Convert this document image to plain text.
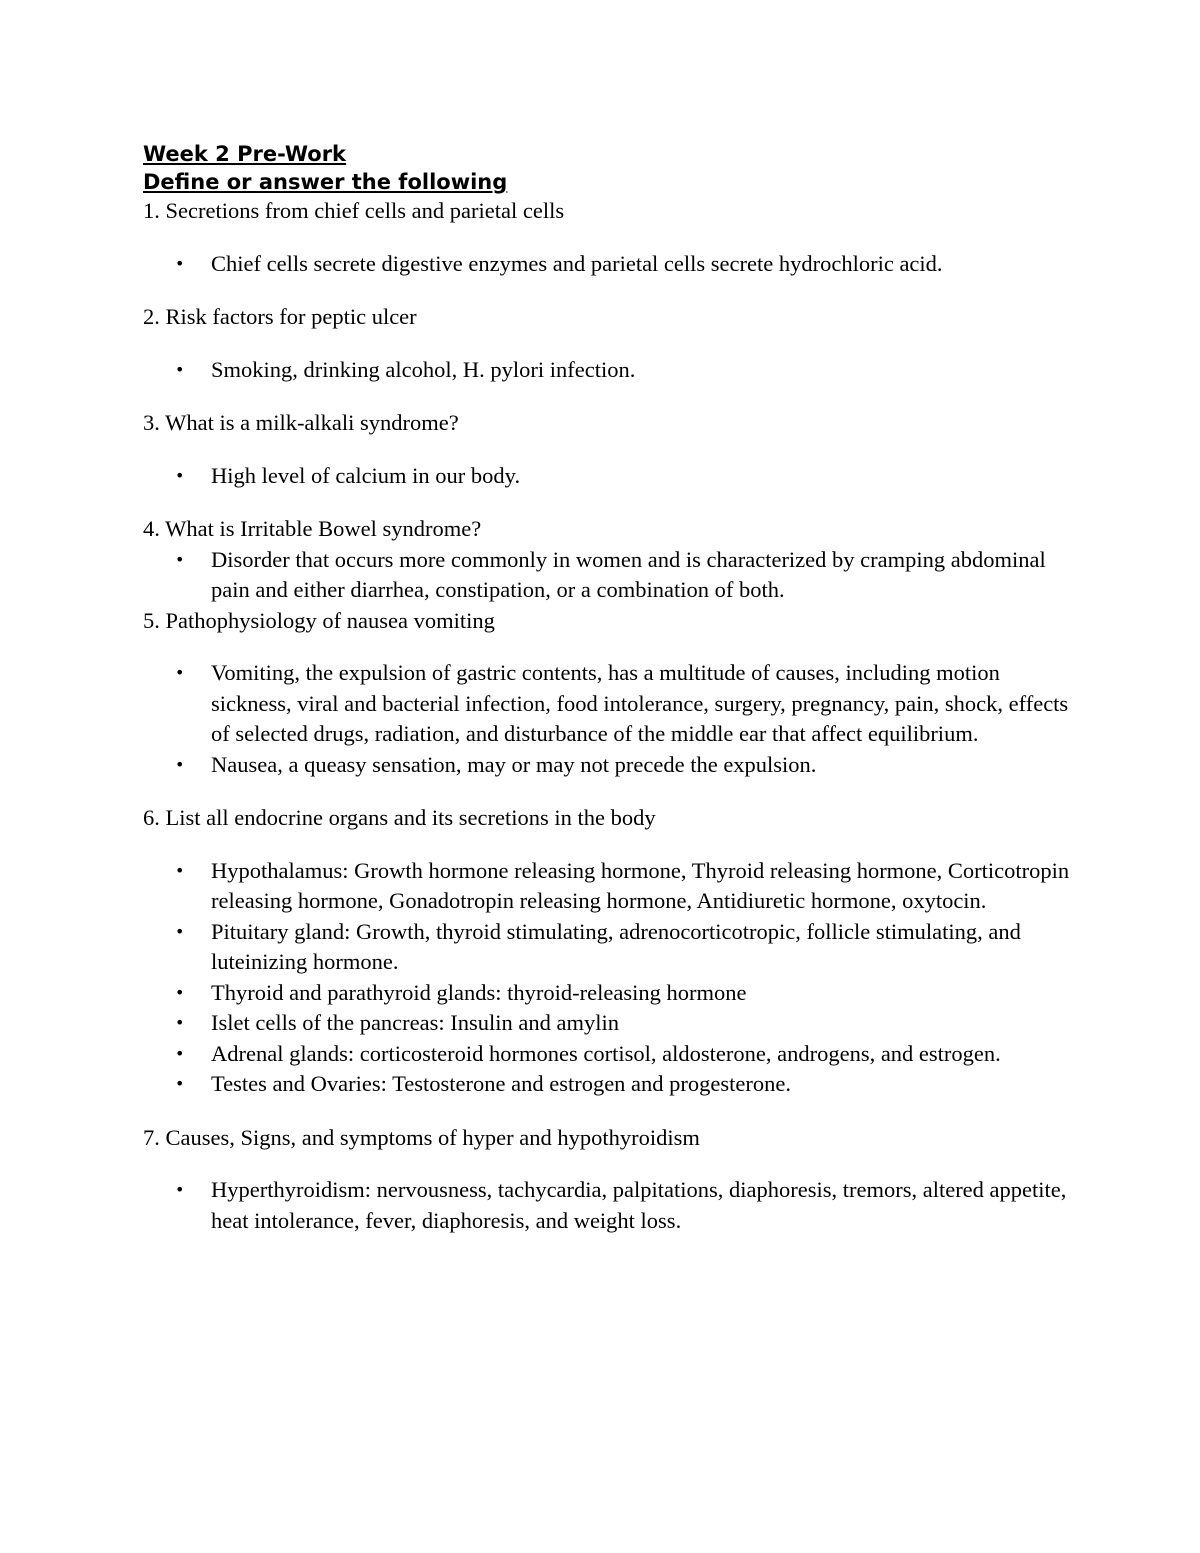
Week 2 Pre-Work
Define or answer the following
1. Secretions from chief cells and parietal cells
• Chief cells secrete digestive enzymes and parietal cells secrete hydrochloric acid.
2. Risk factors for peptic ulcer
• Smoking, drinking alcohol, H. pylori infection.
3. What is a milk-alkali syndrome?
• High level of calcium in our body.
4. What is Irritable Bowel syndrome?
• Disorder that occurs more commonly in women and is characterized by cramping abdominal pain and either diarrhea, constipation, or a combination of both.
5. Pathophysiology of nausea vomiting
• Vomiting, the expulsion of gastric contents, has a multitude of causes, including motion sickness, viral and bacterial infection, food intolerance, surgery, pregnancy, pain, shock, effects of selected drugs, radiation, and disturbance of the middle ear that affect equilibrium.
• Nausea, a queasy sensation, may or may not precede the expulsion.
6. List all endocrine organs and its secretions in the body
• Hypothalamus: Growth hormone releasing hormone, Thyroid releasing hormone, Corticotropin releasing hormone, Gonadotropin releasing hormone, Antidiuretic hormone, oxytocin.
• Pituitary gland: Growth, thyroid stimulating, adrenocorticotropic, follicle stimulating, and luteinizing hormone.
• Thyroid and parathyroid glands: thyroid-releasing hormone
• Islet cells of the pancreas: Insulin and amylin
• Adrenal glands: corticosteroid hormones cortisol, aldosterone, androgens, and estrogen.
• Testes and Ovaries: Testosterone and estrogen and progesterone.
7. Causes, Signs, and symptoms of hyper and hypothyroidism
• Hyperthyroidism: nervousness, tachycardia, palpitations, diaphoresis, tremors, altered appetite, heat intolerance, fever, diaphoresis, and weight loss.
